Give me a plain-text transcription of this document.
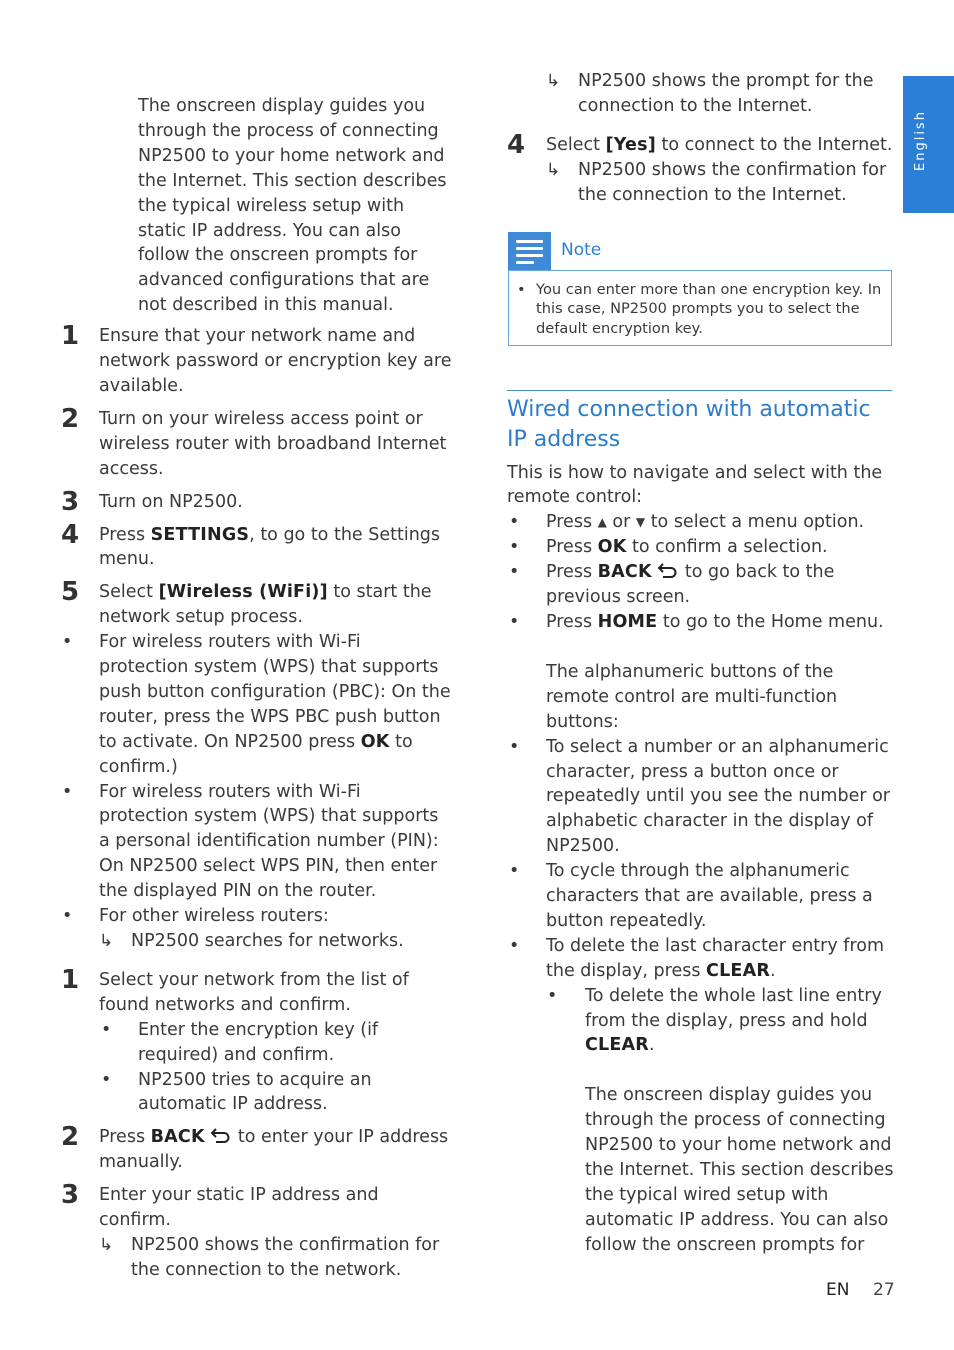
English

The onscreen display guides you through the process of connecting NP2500 to your home network and the Internet. This section describes the typical wireless setup with static IP address. You can also follow the onscreen prompts for advanced configurations that are not described in this manual.

1 Ensure that your network name and network password or encryption key are available.
2 Turn on your wireless access point or wireless router with broadband Internet access.
3 Turn on NP2500.
4 Press SETTINGS, to go to the Settings menu.
5 Select [Wireless (WiFi)] to start the network setup process.
• For wireless routers with Wi-Fi protection system (WPS) that supports push button configuration (PBC): On the router, press the WPS PBC push button to activate. On NP2500 press OK to confirm.)
• For wireless routers with Wi-Fi protection system (WPS) that supports a personal identification number (PIN): On NP2500 select WPS PIN, then enter the displayed PIN on the router.
• For other wireless routers:
↳ NP2500 searches for networks.
1 Select your network from the list of found networks and confirm.
• Enter the encryption key (if required) and confirm.
• NP2500 tries to acquire an automatic IP address.
2 Press BACK  to enter your IP address manually.
3 Enter your static IP address and confirm.
↳ NP2500 shows the confirmation for the connection to the network.
↳ NP2500 shows the prompt for the connection to the Internet.
4 Select [Yes] to connect to the Internet.
↳ NP2500 shows the confirmation for the connection to the Internet.
Note
• You can enter more than one encryption key. In this case, NP2500 prompts you to select the default encryption key.
Wired connection with automatic IP address

This is how to navigate and select with the remote control:

• Press ▲ or ▼ to select a menu option.
• Press OK to confirm a selection.
• Press BACK  to go back to the previous screen.
• Press HOME to go to the Home menu.

The alphanumeric buttons of the remote control are multi-function buttons:

• To select a number or an alphanumeric character, press a button once or repeatedly until you see the number or alphabetic character in the display of NP2500.
• To cycle through the alphanumeric characters that are available, press a button repeatedly.
• To delete the last character entry from the display, press CLEAR.
• To delete the whole last line entry from the display, press and hold CLEAR.

The onscreen display guides you through the process of connecting NP2500 to your home network and the Internet. This section describes the typical wired setup with automatic IP address. You can also follow the onscreen prompts for

EN 27
